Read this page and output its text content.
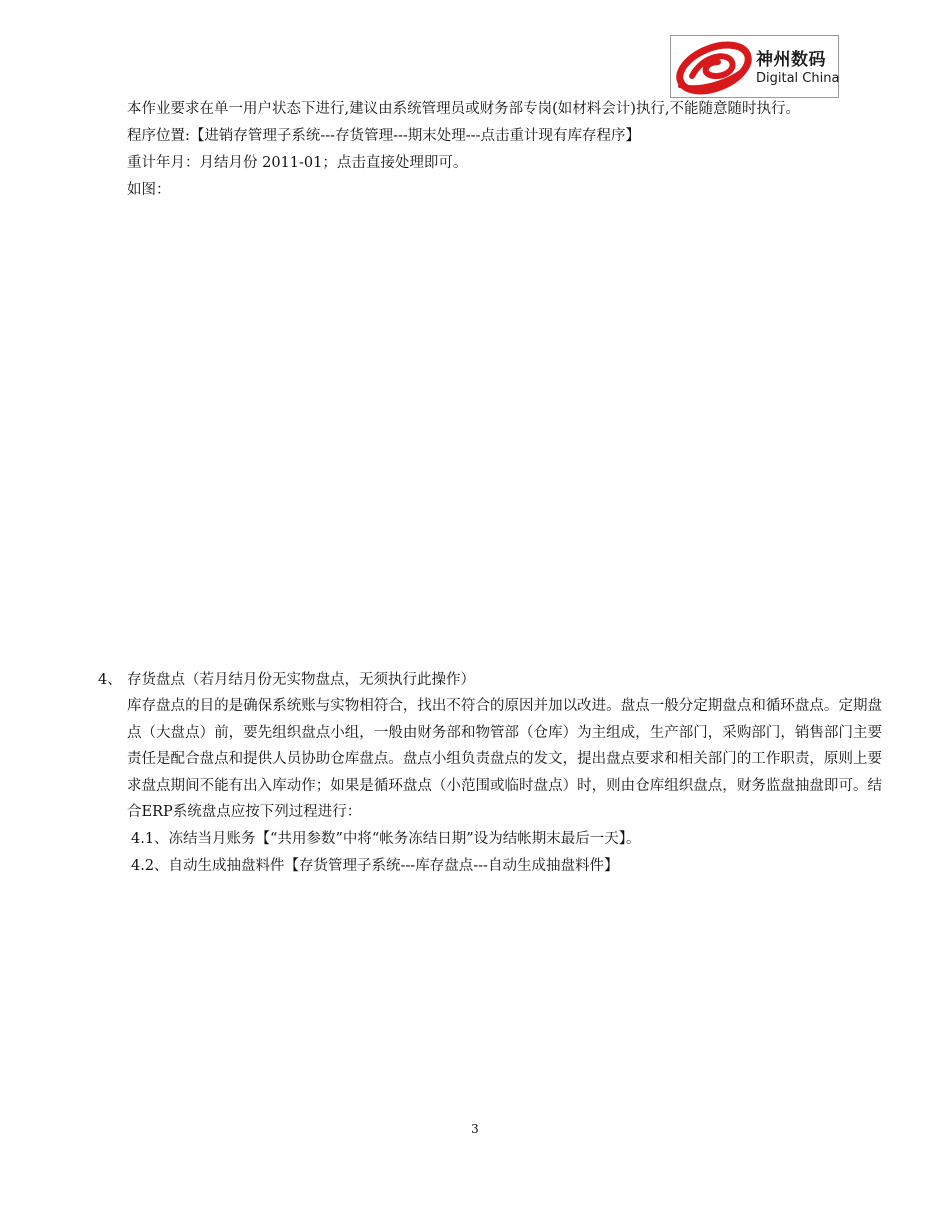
神州数码
Digital China
本作业要求在单一用户状态下进行,建议由系统管理员或财务部专岗(如材料会计)执行,不能随意随时执行。
程序位置:【进销存管理子系统---存货管理---期末处理---点击重计现有库存程序】
重计年月：月结月份 2011-01；点击直接处理即可。
如图：
4、 存货盘点（若月结月份无实物盘点，无须执行此操作）
库存盘点的目的是确保系统账与实物相符合，找出不符合的原因并加以改进。盘点一般分定期盘点和循环盘点。定期盘点（大盘点）前，要先组织盘点小组，一般由财务部和物管部（仓库）为主组成，生产部门，采购部门，销售部门主要责任是配合盘点和提供人员协助仓库盘点。盘点小组负责盘点的发文，提出盘点要求和相关部门的工作职责，原则上要求盘点期间不能有出入库动作；如果是循环盘点（小范围或临时盘点）时，则由仓库组织盘点，财务监盘抽盘即可。结合ERP系统盘点应按下列过程进行：
4.1、冻结当月账务【“共用参数”中将“帐务冻结日期”设为结帐期末最后一天】。
4.2、自动生成抽盘料件【存货管理子系统---库存盘点---自动生成抽盘料件】
3
